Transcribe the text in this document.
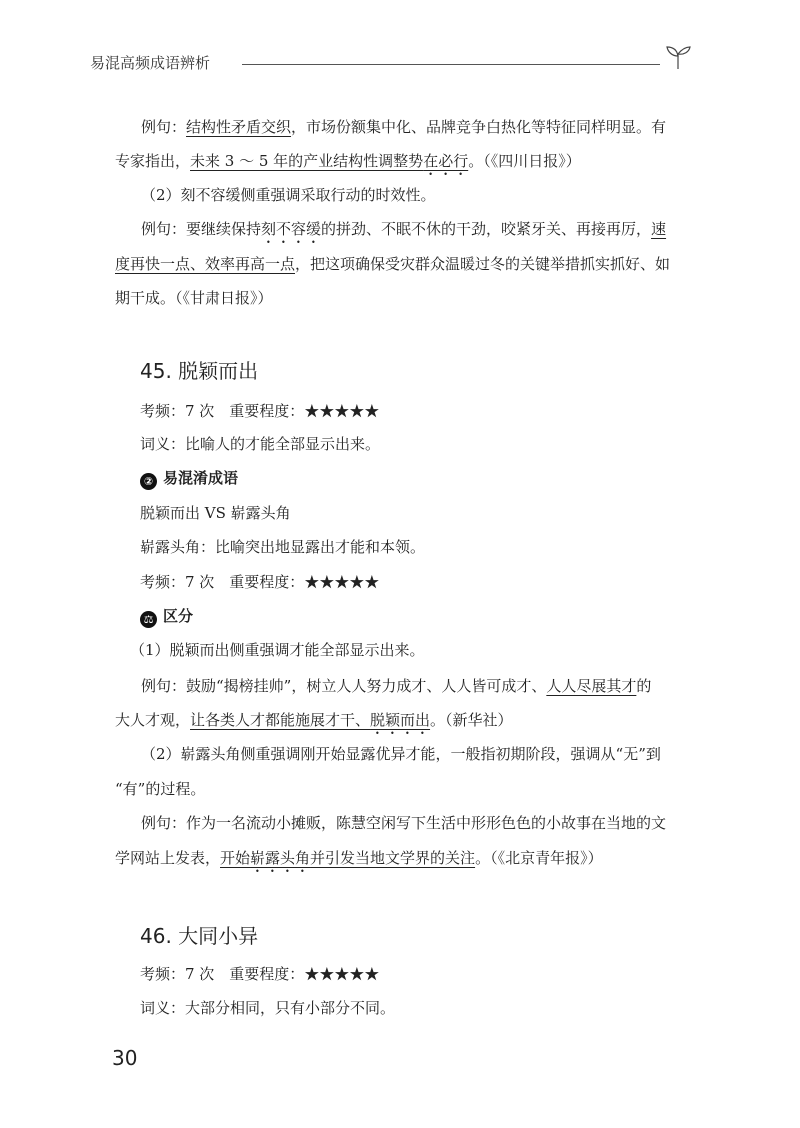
易混高频成语辨析
例句：结构性矛盾交织，市场份额集中化、品牌竞争白热化等特征同样明显。有
专家指出，未来 3 ～ 5 年的产业结构性调整势在必行。（《四川日报》）
（2）刻不容缓侧重强调采取行动的时效性。
例句：要继续保持刻不容缓的拼劲、不眠不休的干劲，咬紧牙关、再接再厉，速
度再快一点、效率再高一点，把这项确保受灾群众温暖过冬的关键举措抓实抓好、如
期干成。（《甘肃日报》）
45. 脱颖而出
考频：7 次　重要程度：★★★★★
词义：比喻人的才能全部显示出来。
② 易混淆成语
脱颖而出 VS 崭露头角
崭露头角：比喻突出地显露出才能和本领。
考频：7 次　重要程度：★★★★★
⚖ 区分
（1）脱颖而出侧重强调才能全部显示出来。
例句：鼓励“揭榜挂帅”，树立人人努力成才、人人皆可成才、人人尽展其才的
大人才观，让各类人才都能施展才干、脱颖而出。（新华社）
（2）崭露头角侧重强调刚开始显露优异才能，一般指初期阶段，强调从“无”到
“有”的过程。
例句：作为一名流动小摊贩，陈慧空闲写下生活中形形色色的小故事在当地的文
学网站上发表，开始崭露头角并引发当地文学界的关注。（《北京青年报》）
46. 大同小异
考频：7 次　重要程度：★★★★★
词义：大部分相同，只有小部分不同。
30
